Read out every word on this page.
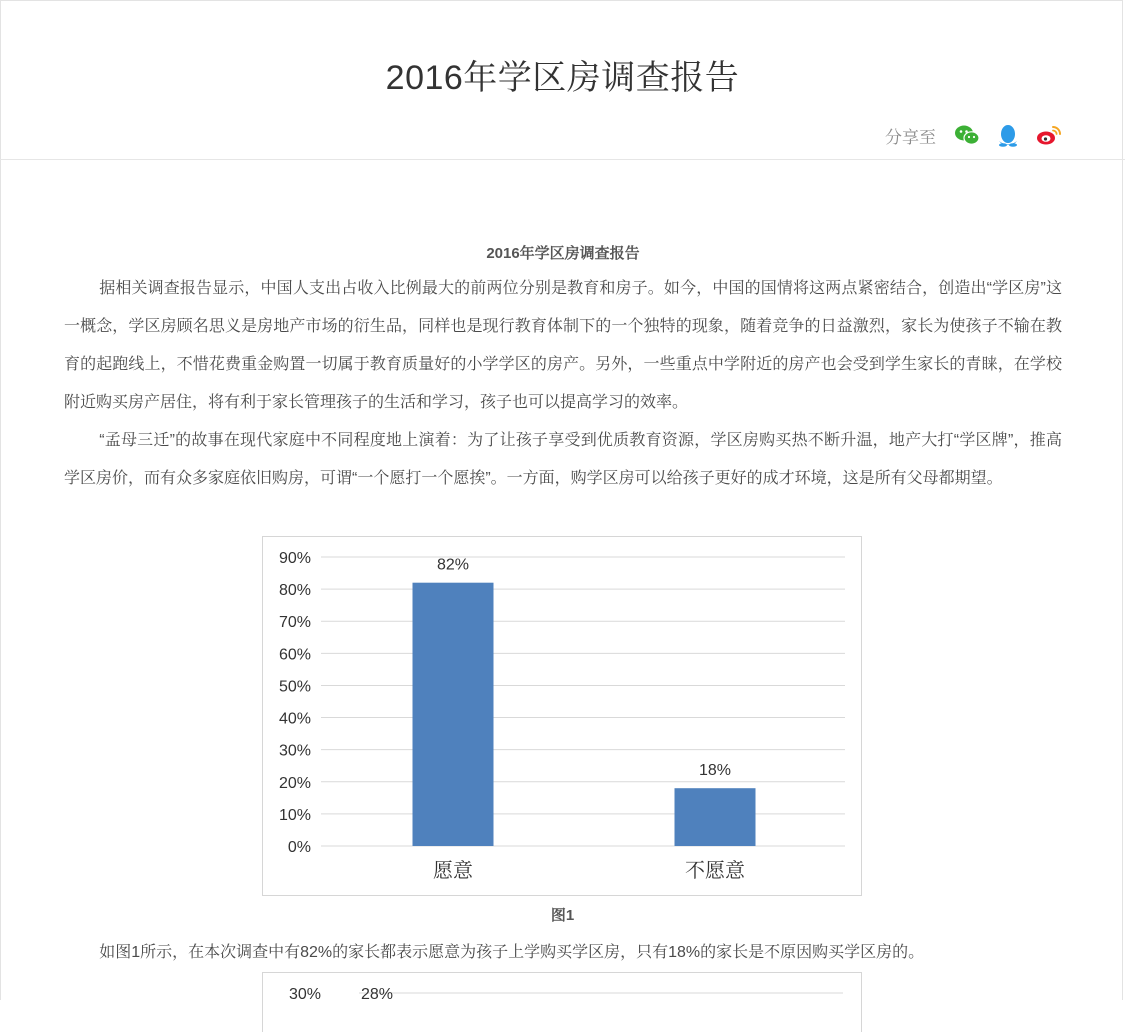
2016年学区房调查报告
分享至
2016年学区房调查报告

据相关调查报告显示，中国人支出占收入比例最大的前两位分别是教育和房子。如今，中国的国情将这两点紧密结合，创造出“学区房”这一概念，学区房顾名思义是房地产市场的衍生品，同样也是现行教育体制下的一个独特的现象，随着竞争的日益激烈，家长为使孩子不输在教育的起跑线上，不惜花费重金购置一切属于教育质量好的小学学区的房产。另外，一些重点中学附近的房产也会受到学生家长的青睐，在学校附近购买房产居住，将有利于家长管理孩子的生活和学习，孩子也可以提高学习的效率。

“孟母三迁”的故事在现代家庭中不同程度地上演着：为了让孩子享受到优质教育资源，学区房购买热不断升温，地产大打“学区牌”，推高学区房价，而有众多家庭依旧购房，可谓“一个愿打一个愿挨”。一方面，购学区房可以给孩子更好的成才环境，这是所有父母都期望。

0%
10%
20%
30%
40%
50%
60%
70%
80%
90%	82%
18%
愿意	不愿意
图1
如图1所示，在本次调查中有82%的家长都表示愿意为孩子上学购买学区房，只有18%的家长是不原因购买学区房的。
30% 28%
